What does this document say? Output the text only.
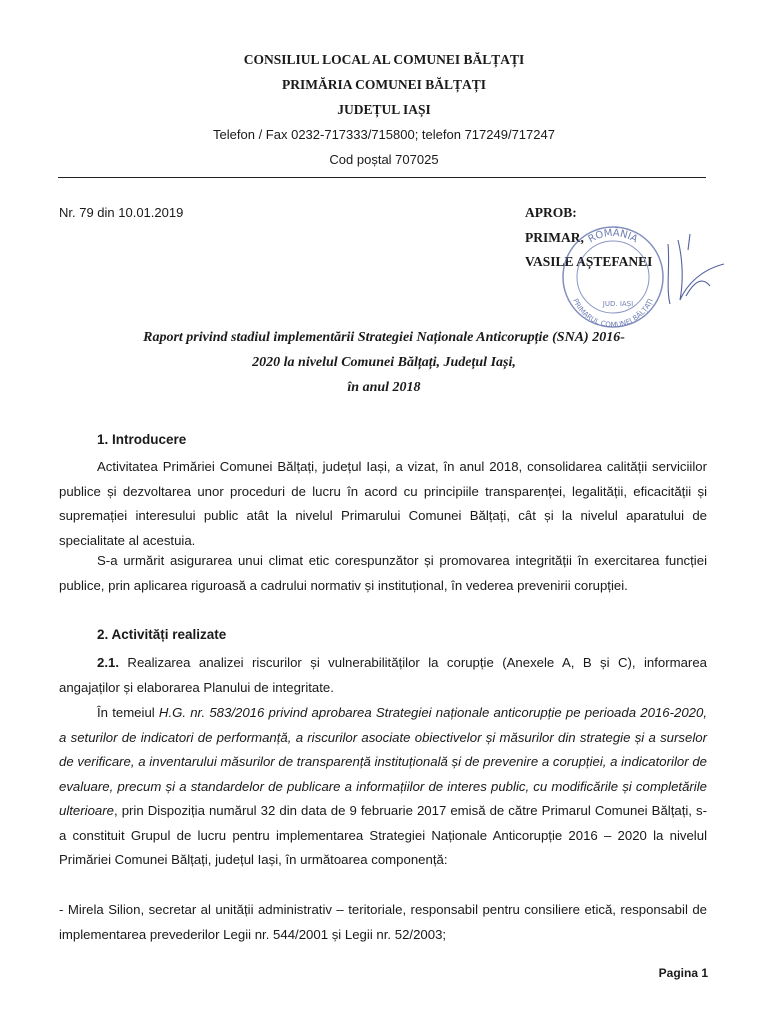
CONSILIUL LOCAL AL COMUNEI BĂLȚAȚI
PRIMĂRIA COMUNEI BĂLȚAȚI
JUDEȚUL IAȘI
Telefon / Fax 0232-717333/715800; telefon 717249/717247
Cod poștal 707025
Nr. 79 din 10.01.2019	APROB:
PRIMAR,
VASILE AȘTEFANEI
ROMÂNIA
PRIMARUL COMUNEI BĂLȚAȚI
JUD. IAȘI
Raport privind stadiul implementării Strategiei Naționale Anticorupție (SNA) 2016-
2020 la nivelul Comunei Bălțați, Județul Iași,
în anul 2018
1. Introducere
Activitatea Primăriei Comunei Bălțați, județul Iași, a vizat, în anul 2018, consolidarea calității serviciilor publice și dezvoltarea unor proceduri de lucru în acord cu principiile transparenței, legalității, eficacității și supremației interesului public atât la nivelul Primarului Comunei Bălțați, cât și la nivelul aparatului de specialitate al acestuia.
S-a urmărit asigurarea unui climat etic corespunzător și promovarea integrității în exercitarea funcției publice, prin aplicarea riguroasă a cadrului normativ și instituțional, în vederea prevenirii corupției.
2. Activități realizate
2.1. Realizarea analizei riscurilor și vulnerabilităților la corupție (Anexele A, B și C), informarea angajaților și elaborarea Planului de integritate.
În temeiul H.G. nr. 583/2016 privind aprobarea Strategiei naționale anticorupție pe perioada 2016-2020, a seturilor de indicatori de performanță, a riscurilor asociate obiectivelor și măsurilor din strategie și a surselor de verificare, a inventarului măsurilor de transparență instituțională și de prevenire a corupției, a indicatorilor de evaluare, precum și a standardelor de publicare a informațiilor de interes public, cu modificările și completările ulterioare, prin Dispoziția numărul 32 din data de 9 februarie 2017 emisă de către Primarul Comunei Bălțați, s-a constituit Grupul de lucru pentru implementarea Strategiei Naționale Anticorupție 2016 – 2020 la nivelul Primăriei Comunei Bălțați, județul Iași, în următoarea componență:
- Mirela Silion, secretar al unității administrativ – teritoriale, responsabil pentru consiliere etică, responsabil de implementarea prevederilor Legii nr. 544/2001 și Legii nr. 52/2003;
Pagina 1
